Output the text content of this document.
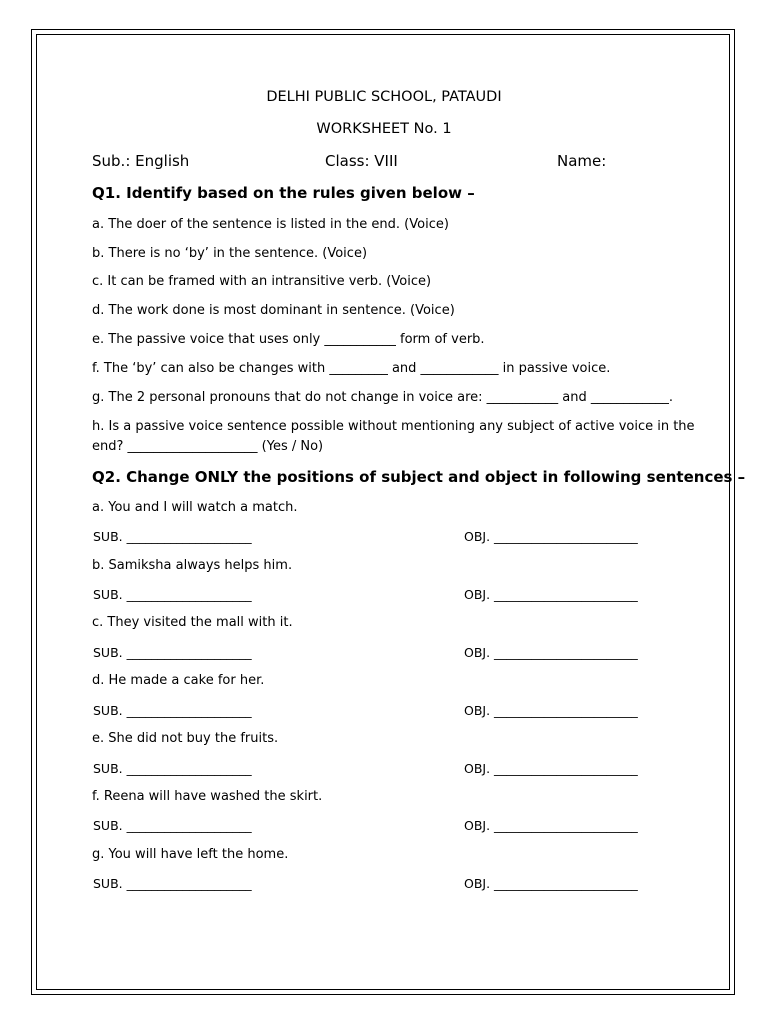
DELHI PUBLIC SCHOOL, PATAUDI
WORKSHEET No. 1
Sub.: English	Class: VIII	Name:
Q1. Identify based on the rules given below –
a. The doer of the sentence is listed in the end. (Voice)
b. There is no ‘by’ in the sentence. (Voice)
c. It can be framed with an intransitive verb. (Voice)
d. The work done is most dominant in sentence. (Voice)
e. The passive voice that uses only ___________ form of verb.
f. The ‘by’ can also be changes with _________ and ____________ in passive voice.
g. The 2 personal pronouns that do not change in voice are: ___________ and ____________.
h. Is a passive voice sentence possible without mentioning any subject of active voice in the
end? ____________________ (Yes / No)
Q2. Change ONLY the positions of subject and object in following sentences –
a. You and I will watch a match.
SUB. ____________________	OBJ. _______________________
b. Samiksha always helps him.
SUB. ____________________	OBJ. _______________________
c. They visited the mall with it.
SUB. ____________________	OBJ. _______________________
d. He made a cake for her.
SUB. ____________________	OBJ. _______________________
e. She did not buy the fruits.
SUB. ____________________	OBJ. _______________________
f. Reena will have washed the skirt.
SUB. ____________________	OBJ. _______________________
g. You will have left the home.
SUB. ____________________	OBJ. _______________________
